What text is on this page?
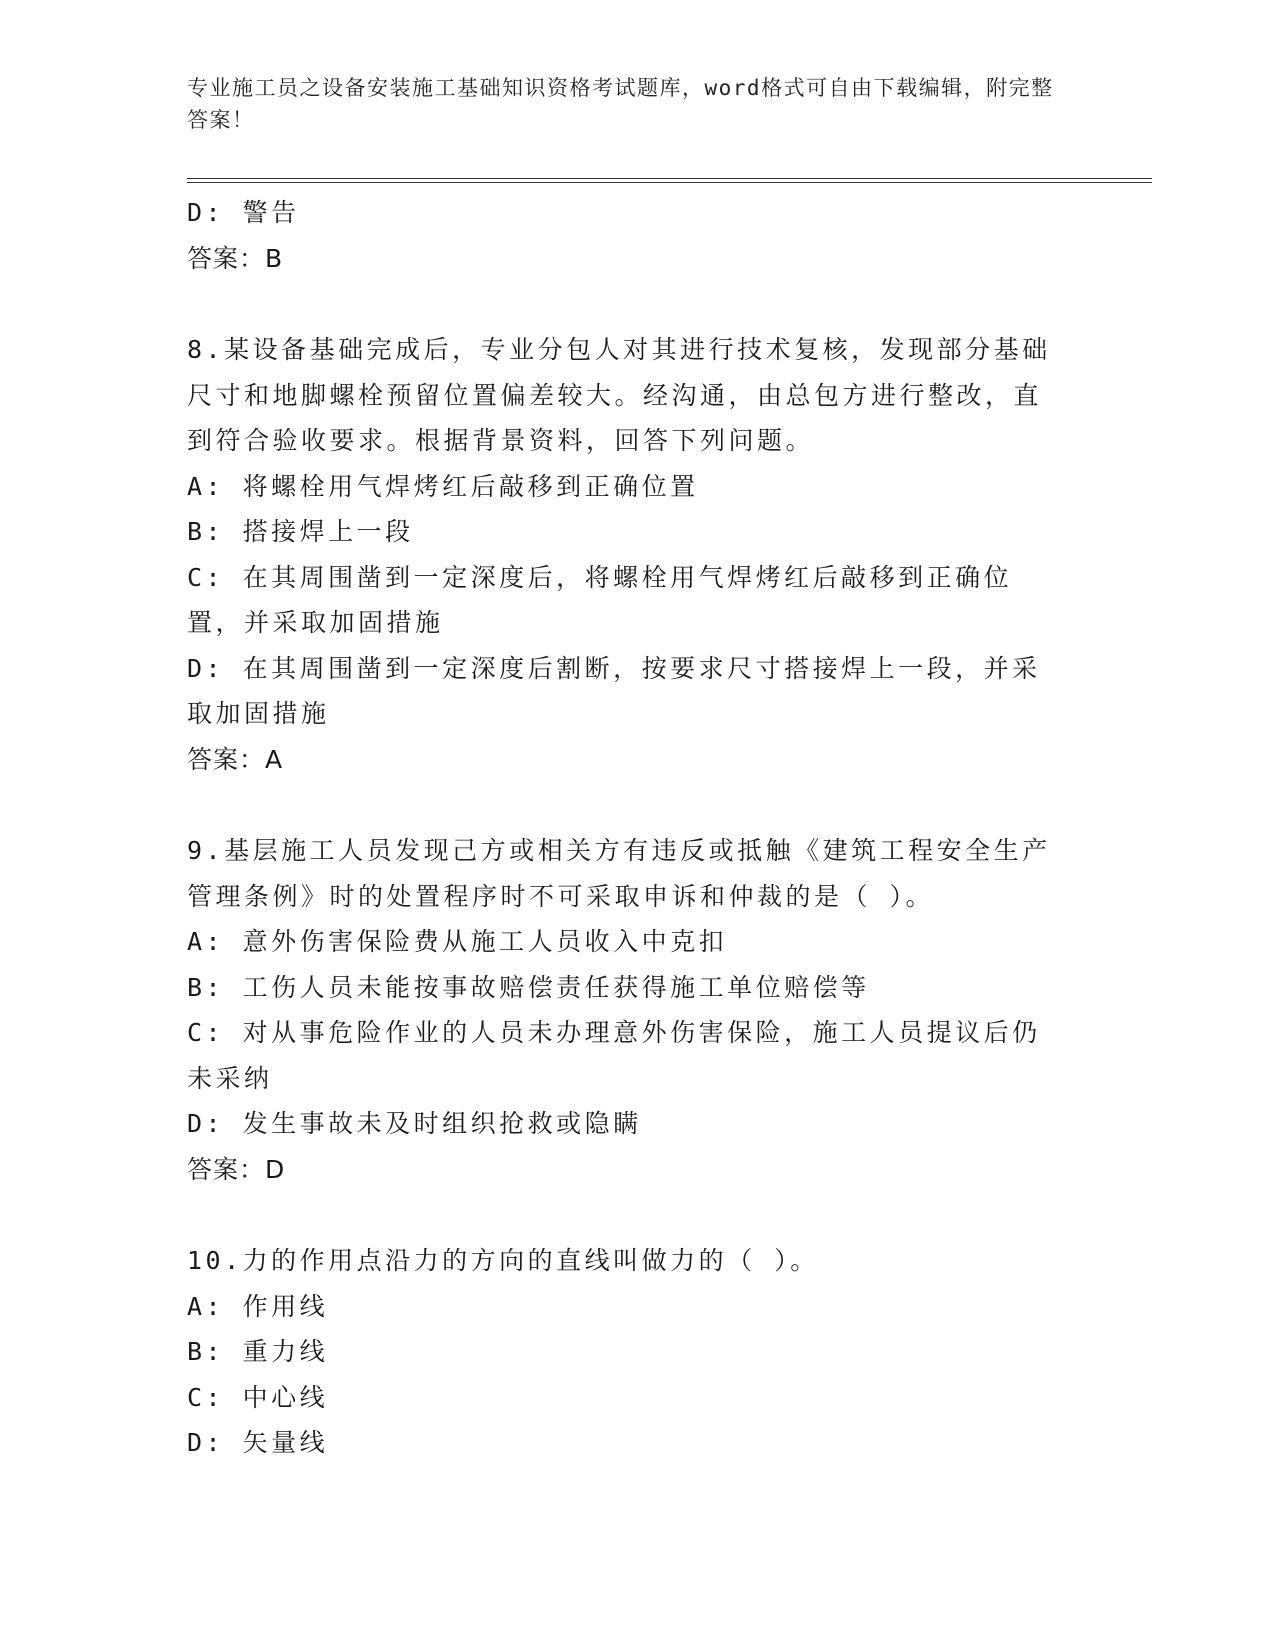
专业施工员之设备安装施工基础知识资格考试题库，word格式可自由下载编辑，附完整答案！
D: 警告
答案：B
8.某设备基础完成后，专业分包人对其进行技术复核，发现部分基础尺寸和地脚螺栓预留位置偏差较大。经沟通，由总包方进行整改，直到符合验收要求。根据背景资料，回答下列问题。
A: 将螺栓用气焊烤红后敲移到正确位置
B: 搭接焊上一段
C: 在其周围凿到一定深度后，将螺栓用气焊烤红后敲移到正确位置，并采取加固措施
D: 在其周围凿到一定深度后割断，按要求尺寸搭接焊上一段，并采取加固措施
答案：A
9.基层施工人员发现己方或相关方有违反或抵触《建筑工程安全生产管理条例》时的处置程序时不可采取申诉和仲裁的是（ ）。
A: 意外伤害保险费从施工人员收入中克扣
B: 工伤人员未能按事故赔偿责任获得施工单位赔偿等
C: 对从事危险作业的人员未办理意外伤害保险，施工人员提议后仍未采纳
D: 发生事故未及时组织抢救或隐瞒
答案：D
10.力的作用点沿力的方向的直线叫做力的（ ）。
A: 作用线
B: 重力线
C: 中心线
D: 矢量线
